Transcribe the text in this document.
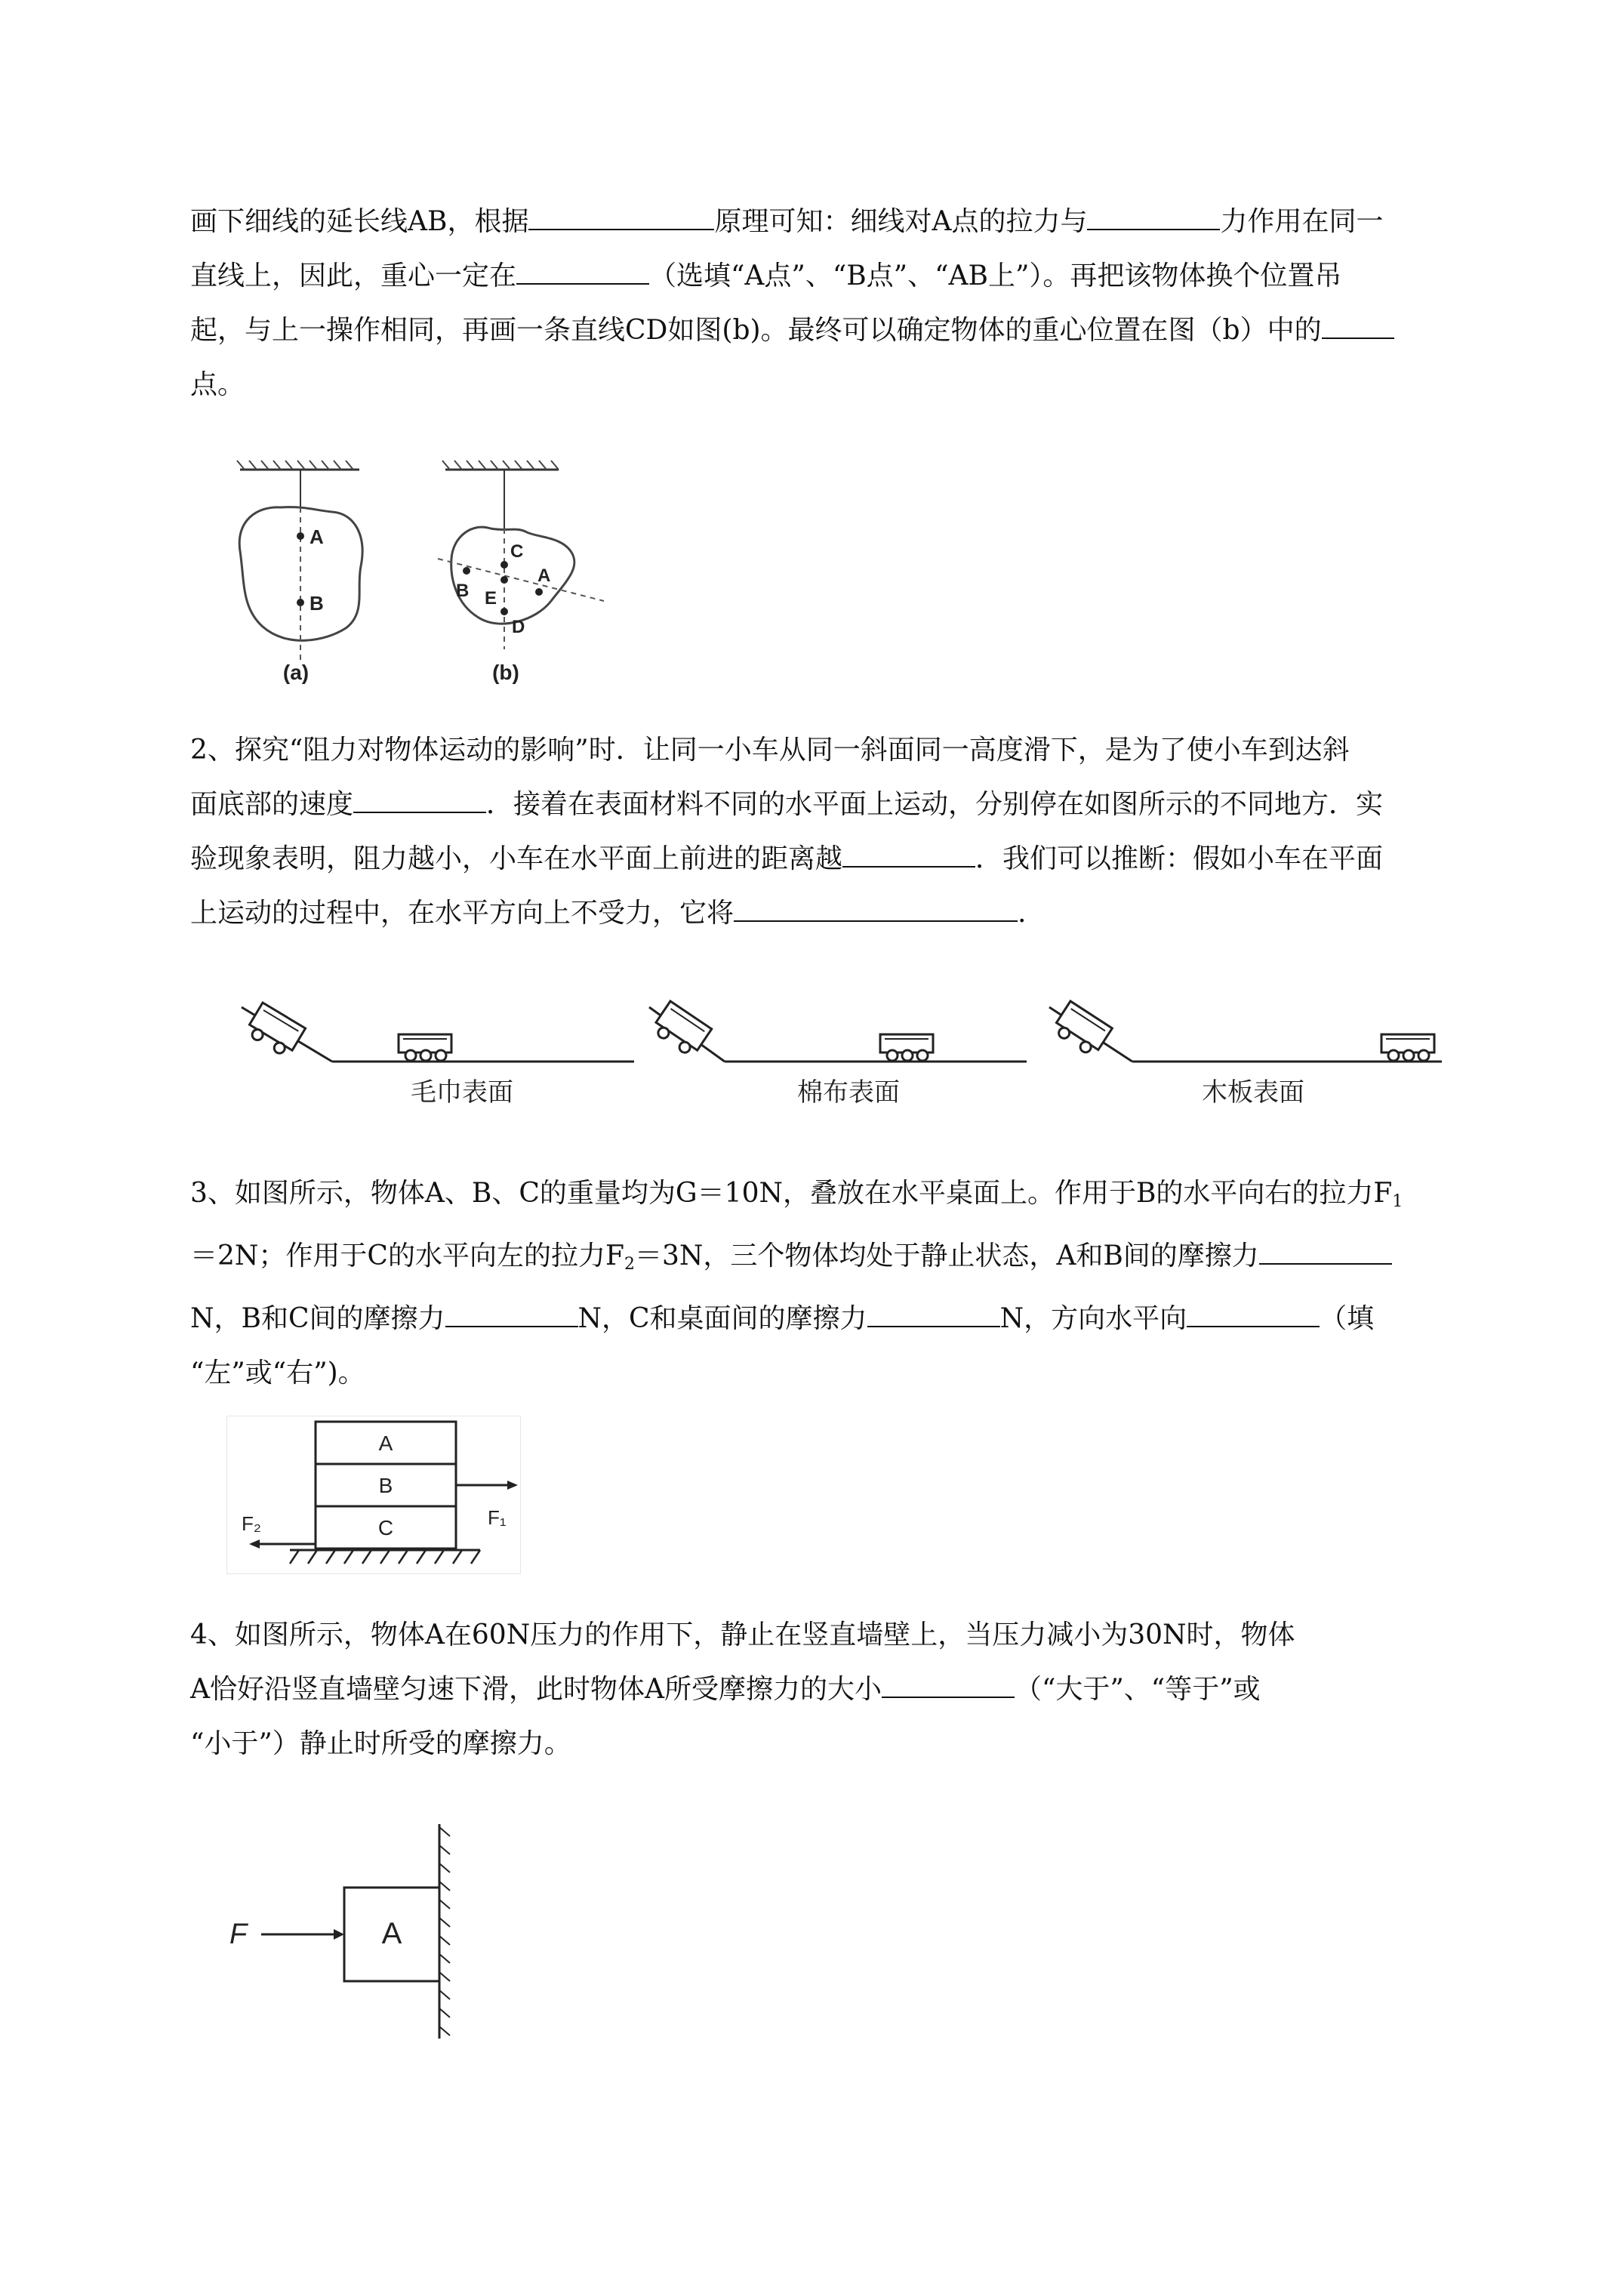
画下细线的延长线AB，根据	原理可知：细线对A点的拉力与	力作用在同一
直线上，因此，重心一定在	（选填“A点”、“B点”、“AB上”）。再把该物体换个位置吊
起，与上一操作相同，再画一条直线CD如图(b)。最终可以确定物体的重心位置在图（b）中的
点。
A
B
(a)
C
B E
A
D
(b)
2、探究“阻力对物体运动的影响”时．让同一小车从同一斜面同一高度滑下，是为了使小车到达斜
面底部的速度	．接着在表面材料不同的水平面上运动，分别停在如图所示的不同地方．实
验现象表明，阻力越小，小车在水平面上前进的距离越	．我们可以推断：假如小车在平面
上运动的过程中，在水平方向上不受力，它将	.
毛巾表面	棉布表面	木板表面
3、如图所示，物体A、B、C的重量均为G＝10N，叠放在水平桌面上。作用于B的水平向右的拉力$F_1$
＝2N；作用于C的水平向左的拉力$F_2=3N$，三个物体均处于静止状态，A和B间的摩擦力
N，B和C间的摩擦力	N，C和桌面间的摩擦力	N，方向水平向	（填
“左”或“右”)。
A
B
C	F₁
F₂
4、如图所示，物体A在60N压力的作用下，静止在竖直墙壁上，当压力减小为30N时，物体
A恰好沿竖直墙壁匀速下滑，此时物体A所受摩擦力的大小	（“大于”、“等于”或
“小于”）静止时所受的摩擦力。
A
F
